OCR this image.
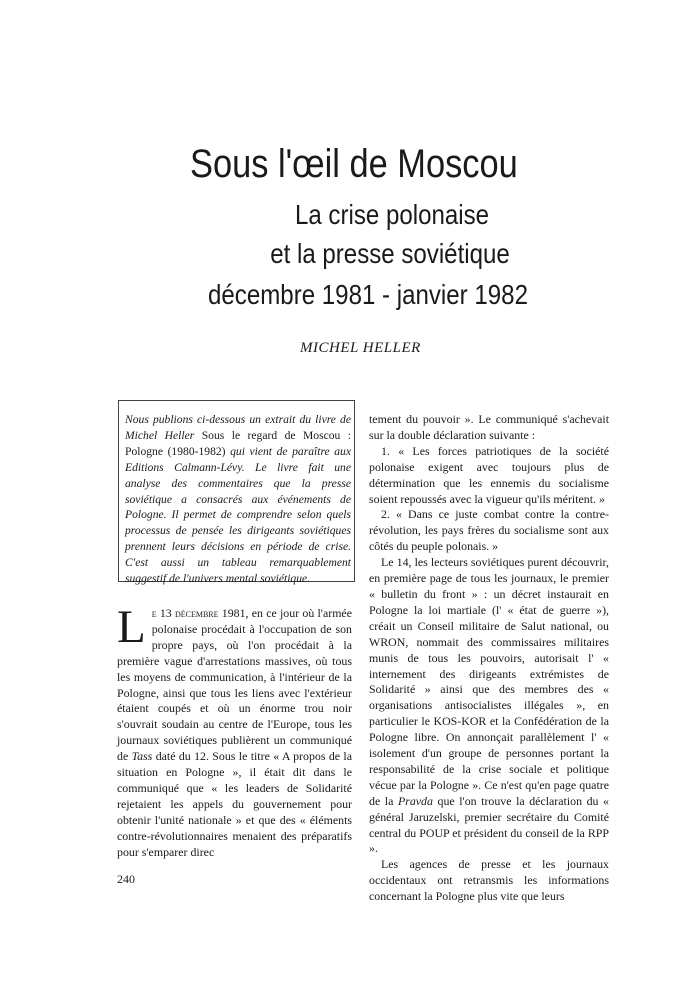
· · · · · · · · ·
Sous l'œil de Moscou
La crise polonaise
et la presse soviétique
décembre 1981 - janvier 1982
MICHEL HELLER
Nous publions ci-dessous un extrait du livre de Michel Heller Sous le regard de Moscou : Pologne (1980-1982) qui vient de paraître aux Editions Calmann-Lévy. Le livre fait une analyse des commentaires que la presse soviétique a consacrés aux événements de Pologne. Il permet de comprendre selon quels processus de pensée les dirigeants soviétiques prennent leurs décisions en période de crise. C'est aussi un tableau remarquablement suggestif de l'univers mental soviétique.

Le 13 décembre 1981, en ce jour où l'armée polonaise procédait à l'occupation de son propre pays, où l'on procédait à la première vague d'arrestations massives, où tous les moyens de communication, à l'intérieur de la Pologne, ainsi que tous les liens avec l'extérieur étaient coupés et où un énorme trou noir s'ouvrait soudain au centre de l'Europe, tous les journaux soviétiques publièrent un communiqué de Tass daté du 12. Sous le titre « A propos de la situation en Pologne », il était dit dans le communiqué que « les leaders de Solidarité rejetaient les appels du gouvernement pour obtenir l'unité nationale » et que des « éléments contre-révolutionnaires menaient des préparatifs pour s'emparer direc

tement du pouvoir ». Le communiqué s'achevait sur la double déclaration suivante :

1. « Les forces patriotiques de la société polonaise exigent avec toujours plus de détermination que les ennemis du socialisme soient repoussés avec la vigueur qu'ils méritent. »

2. « Dans ce juste combat contre la contre-révolution, les pays frères du socialisme sont aux côtés du peuple polonais. »

Le 14, les lecteurs soviétiques purent découvrir, en première page de tous les journaux, le premier « bulletin du front » : un décret instaurait en Pologne la loi martiale (l' « état de guerre »), créait un Conseil militaire de Salut national, ou WRON, nommait des commissaires militaires munis de tous les pouvoirs, autorisait l' « internement des dirigeants extrémistes de Solidarité » ainsi que des membres des « organisations antisocialistes illégales », en particulier le KOS-KOR et la Confédération de la Pologne libre. On annonçait parallèlement l' « isolement d'un groupe de personnes portant la responsabilité de la crise sociale et politique vécue par la Pologne ». Ce n'est qu'en page quatre de la Pravda que l'on trouve la déclaration du « général Jaruzelski, premier secrétaire du Comité central du POUP et président du conseil de la RPP ».

Les agences de presse et les journaux occidentaux ont retransmis les informations concernant la Pologne plus vite que leurs

240
